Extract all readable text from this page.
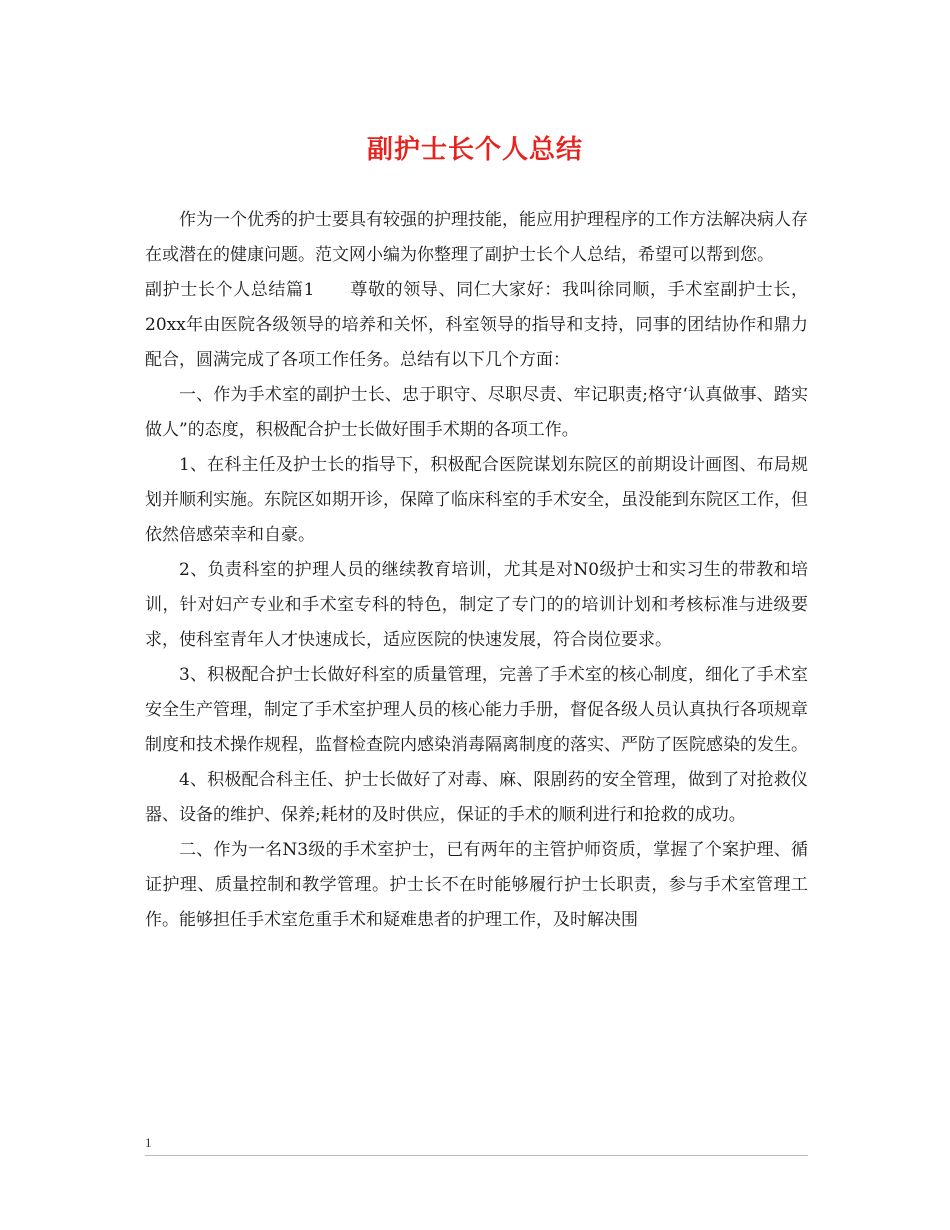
副护士长个人总结

作为一个优秀的护士要具有较强的护理技能，能应用护理程序的工作方法解决病人存在或潜在的健康问题。范文网小编为你整理了副护士长个人总结，希望可以帮到您。

副护士长个人总结篇1　　尊敬的领导、同仁大家好：我叫徐同顺，手术室副护士长，20xx年由医院各级领导的培养和关怀，科室领导的指导和支持，同事的团结协作和鼎力配合，圆满完成了各项工作任务。总结有以下几个方面：

一、作为手术室的副护士长、忠于职守、尽职尽责、牢记职责;格守‘认真做事、踏实做人”的态度，积极配合护士长做好围手术期的各项工作。

1、在科主任及护士长的指导下，积极配合医院谋划东院区的前期设计画图、布局规划并顺利实施。东院区如期开诊，保障了临床科室的手术安全，虽没能到东院区工作，但依然倍感荣幸和自豪。

2、负责科室的护理人员的继续教育培训，尤其是对N0级护士和实习生的带教和培训，针对妇产专业和手术室专科的特色，制定了专门的的培训计划和考核标准与进级要求，使科室青年人才快速成长，适应医院的快速发展，符合岗位要求。

3、积极配合护士长做好科室的质量管理，完善了手术室的核心制度，细化了手术室安全生产管理，制定了手术室护理人员的核心能力手册，督促各级人员认真执行各项规章制度和技术操作规程，监督检查院内感染消毒隔离制度的落实、严防了医院感染的发生。

4、积极配合科主任、护士长做好了对毒、麻、限剧药的安全管理，做到了对抢救仪器、设备的维护、保养;耗材的及时供应，保证的手术的顺利进行和抢救的成功。

二、作为一名N3级的手术室护士，已有两年的主管护师资质，掌握了个案护理、循证护理、质量控制和教学管理。护士长不在时能够履行护士长职责，参与手术室管理工作。能够担任手术室危重手术和疑难患者的护理工作，及时解决围

1
